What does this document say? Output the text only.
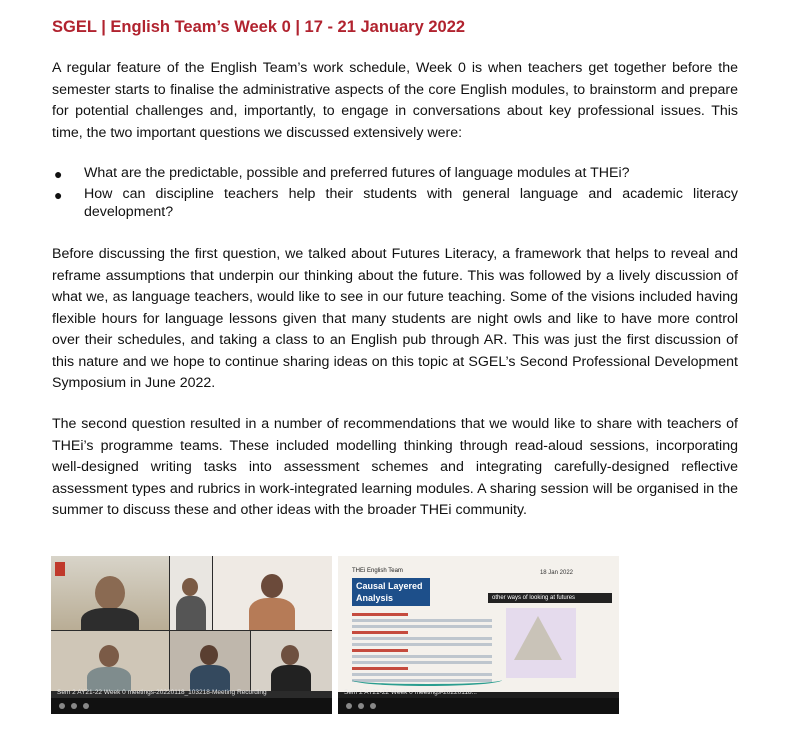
SGEL | English Team’s Week 0 | 17 - 21 January 2022

A regular feature of the English Team’s work schedule, Week 0 is when teachers get together before the semester starts to finalise the administrative aspects of the core English modules, to brainstorm and prepare for potential challenges and, importantly, to engage in conversations about key professional issues. This time, the two important questions we discussed extensively were:

● What are the predictable, possible and preferred futures of language modules at THEi?
● How can discipline teachers help their students with general language and academic literacy development?

Before discussing the first question, we talked about Futures Literacy, a framework that helps to reveal and reframe assumptions that underpin our thinking about the future. This was followed by a lively discussion of what we, as language teachers, would like to see in our future teaching. Some of the visions included having flexible hours for language lessons given that many students are night owls and like to have more control over their schedules, and taking a class to an English pub through AR. This was just the first discussion of this nature and we hope to continue sharing ideas on this topic at SGEL’s Second Professional Development Symposium in June 2022.

The second question resulted in a number of recommendations that we would like to share with teachers of THEi’s programme teams. These included modelling thinking through read-aloud sessions, incorporating well-designed writing tasks into assessment schemes and integrating carefully-designed reflective assessment types and rubrics in work-integrated learning modules. A sharing session will be organised in the summer to discuss these and other ideas with the broader THEi community.

Sem 2 AY21-22 Week 0 meetings-20220118_103218-Meeting Recording
THEi English Team
Causal Layered Analysis
18 Jan 2022
other ways of looking at futures
Sem 2 AY21-22 Week 0 meetings-20220118...
